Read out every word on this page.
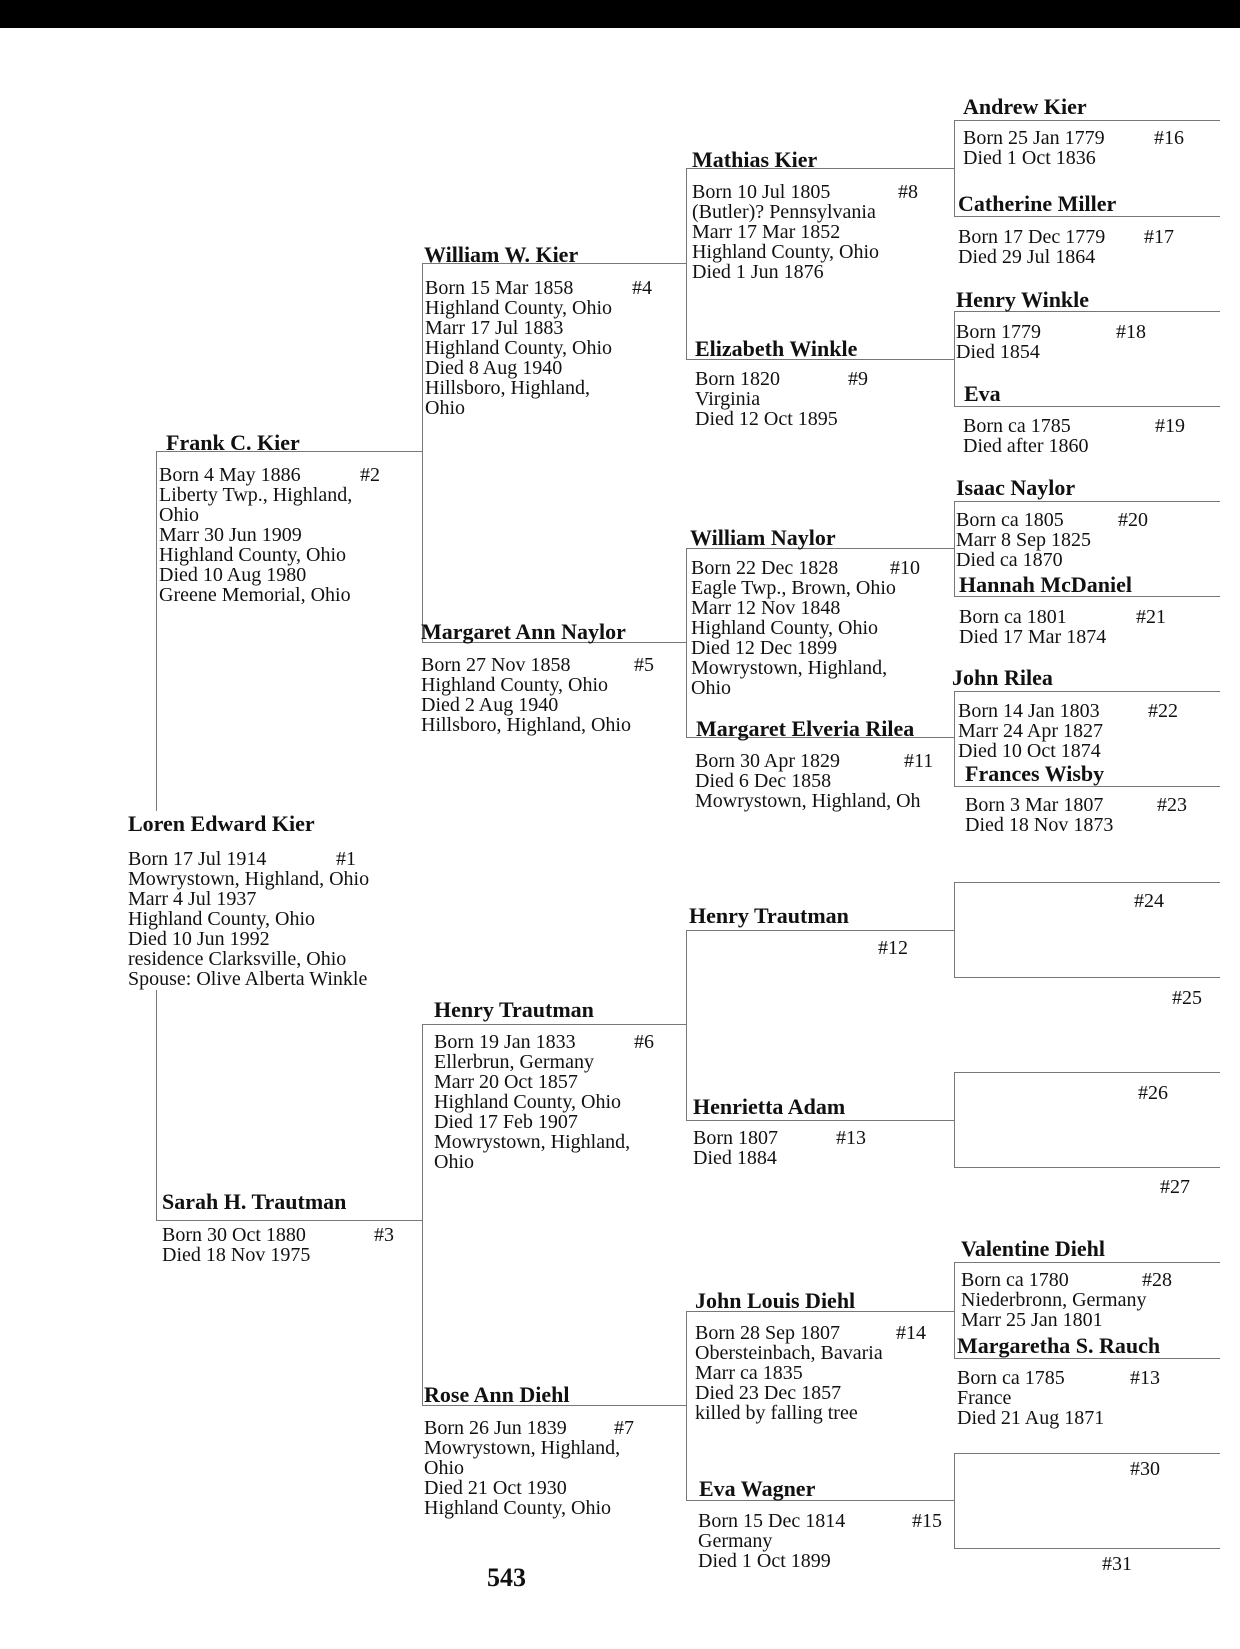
Loren Edward Kier
#1
Born 17 Jul 1914
Mowrystown, Highland, Ohio
Marr 4 Jul 1937
Highland County, Ohio
Died 10 Jun 1992
residence Clarksville, Ohio
Spouse: Olive Alberta Winkle
Frank C. Kier
#2
Born 4 May 1886
Liberty Twp., Highland,
Ohio
Marr 30 Jun 1909
Highland County, Ohio
Died 10 Aug 1980
Greene Memorial, Ohio
Sarah H. Trautman
#3
Born 30 Oct 1880
Died 18 Nov 1975
William W. Kier
#4
Born 15 Mar 1858
Highland County, Ohio
Marr 17 Jul 1883
Highland County, Ohio
Died 8 Aug 1940
Hillsboro, Highland,
Ohio
Margaret Ann Naylor
#5
Born 27 Nov 1858
Highland County, Ohio
Died 2 Aug 1940
Hillsboro, Highland, Ohio
Henry Trautman
#6
Born 19 Jan 1833
Ellerbrun, Germany
Marr 20 Oct 1857
Highland County, Ohio
Died 17 Feb 1907
Mowrystown, Highland,
Ohio
Rose Ann Diehl
#7
Born 26 Jun 1839
Mowrystown, Highland,
Ohio
Died 21 Oct 1930
Highland County, Ohio
Mathias Kier
#8
Born 10 Jul 1805
(Butler)? Pennsylvania
Marr 17 Mar 1852
Highland County, Ohio
Died 1 Jun 1876
Elizabeth Winkle
#9
Born 1820
Virginia
Died 12 Oct 1895
William Naylor
#10
Born 22 Dec 1828
Eagle Twp., Brown, Ohio
Marr 12 Nov 1848
Highland County, Ohio
Died 12 Dec 1899
Mowrystown, Highland,
Ohio
Margaret Elveria Rilea
#11
Born 30 Apr 1829
Died 6 Dec 1858
Mowrystown, Highland, Oh
Henry Trautman
#12
Henrietta Adam
#13
Born 1807
Died 1884
John Louis Diehl
#14
Born 28 Sep 1807
Obersteinbach, Bavaria
Marr ca 1835
Died 23 Dec 1857
killed by falling tree
Eva Wagner
#15
Born 15 Dec 1814
Germany
Died 1 Oct 1899
Andrew Kier
#16
Born 25 Jan 1779
Died 1 Oct 1836
Catherine Miller
#17
Born 17 Dec 1779
Died 29 Jul 1864
Henry Winkle
#18
Born 1779
Died 1854
Eva
#19
Born ca 1785
Died after 1860
Isaac Naylor
#20
Born ca 1805
Marr 8 Sep 1825
Died ca 1870
Hannah McDaniel
#21
Born ca 1801
Died 17 Mar 1874
John Rilea
#22
Born 14 Jan 1803
Marr 24 Apr 1827
Died 10 Oct 1874
Frances Wisby
#23
Born 3 Mar 1807
Died 18 Nov 1873
#24
#25
#26
#27
Valentine Diehl
#28
Born ca 1780
Niederbronn, Germany
Marr 25 Jan 1801
Margaretha S. Rauch
#13
Born ca 1785
France
Died 21 Aug 1871
#30
#31
543
